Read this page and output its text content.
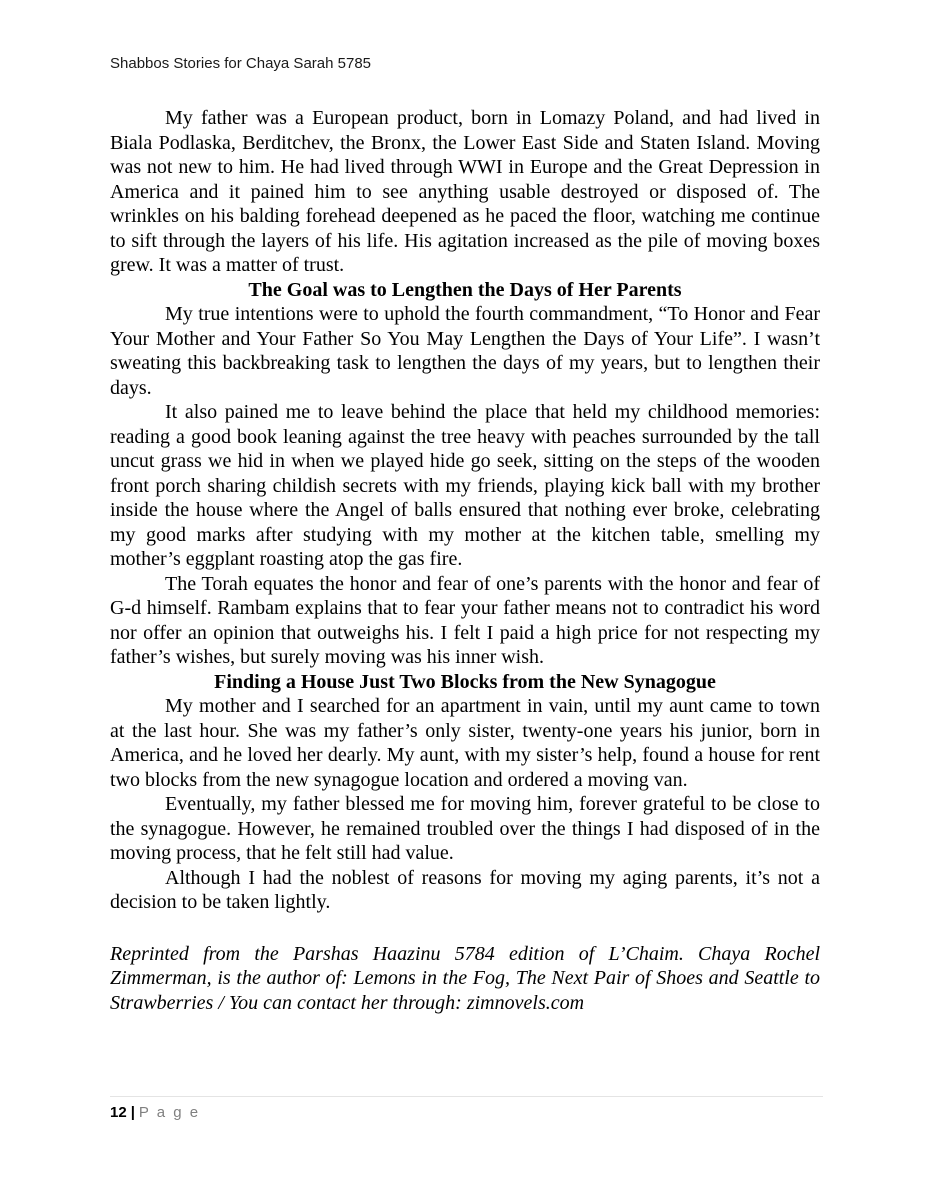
Shabbos Stories for Chaya Sarah 5785

My father was a European product, born in Lomazy Poland, and had lived in Biala Podlaska, Berditchev, the Bronx, the Lower East Side and Staten Island. Moving was not new to him. He had lived through WWI in Europe and the Great Depression in America and it pained him to see anything usable destroyed or disposed of. The wrinkles on his balding forehead deepened as he paced the floor, watching me continue to sift through the layers of his life. His agitation increased as the pile of moving boxes grew. It was a matter of trust.

The Goal was to Lengthen the Days of Her Parents

My true intentions were to uphold the fourth commandment, “To Honor and Fear Your Mother and Your Father So You May Lengthen the Days of Your Life”. I wasn’t sweating this backbreaking task to lengthen the days of my years, but to lengthen their days.

It also pained me to leave behind the place that held my childhood memories: reading a good book leaning against the tree heavy with peaches surrounded by the tall uncut grass we hid in when we played hide go seek, sitting on the steps of the wooden front porch sharing childish secrets with my friends, playing kick ball with my brother inside the house where the Angel of balls ensured that nothing ever broke, celebrating my good marks after studying with my mother at the kitchen table, smelling my mother’s eggplant roasting atop the gas fire.

The Torah equates the honor and fear of one’s parents with the honor and fear of G-d himself. Rambam explains that to fear your father means not to contradict his word nor offer an opinion that outweighs his. I felt I paid a high price for not respecting my father’s wishes, but surely moving was his inner wish.

Finding a House Just Two Blocks from the New Synagogue

My mother and I searched for an apartment in vain, until my aunt came to town at the last hour. She was my father’s only sister, twenty-one years his junior, born in America, and he loved her dearly. My aunt, with my sister’s help, found a house for rent two blocks from the new synagogue location and ordered a moving van.

Eventually, my father blessed me for moving him, forever grateful to be close to the synagogue. However, he remained troubled over the things I had disposed of in the moving process, that he felt still had value.

Although I had the noblest of reasons for moving my aging parents, it’s not a decision to be taken lightly.

Reprinted from the Parshas Haazinu 5784 edition of L’Chaim. Chaya Rochel Zimmerman, is the author of: Lemons in the Fog, The Next Pair of Shoes and Seattle to Strawberries / You can contact her through: zimnovels.com

12 | P a g e
